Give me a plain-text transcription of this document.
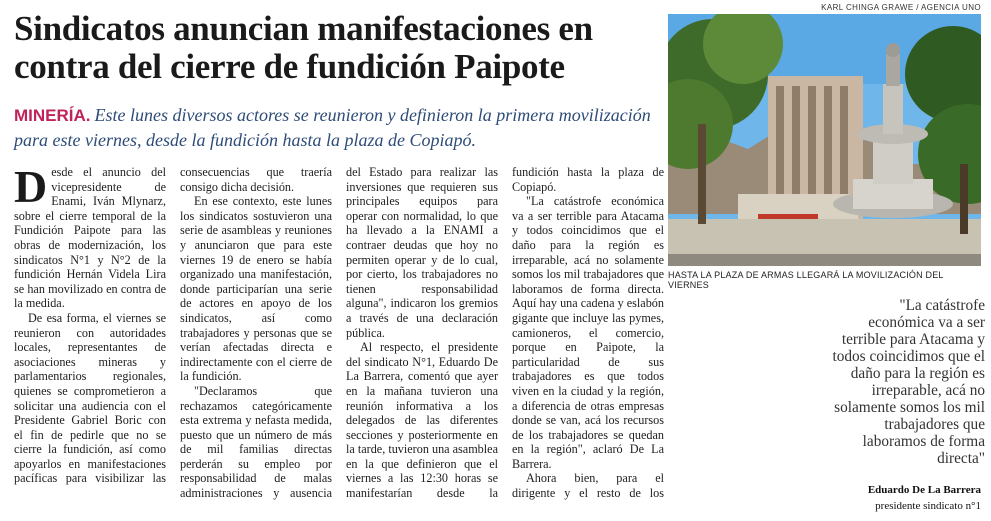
Sindicatos anuncian manifestaciones en contra del cierre de fundición Paipote

MINERÍA. Este lunes diversos actores se reunieron y definieron la primera movilización para este viernes, desde la fundición hasta la plaza de Copiapó.

Desde el anuncio del vicepresidente de Enami, Iván Mlynarz, sobre el cierre temporal de la Fundición Paipote para las obras de modernización, los sindicatos N°1 y N°2 de la fundición Hernán Videla Lira se han movilizado en contra de la medida.

De esa forma, el viernes se reunieron con autoridades locales, representantes de asociaciones mineras y parlamentarios regionales, quienes se comprometieron a solicitar una audiencia con el Presidente Gabriel Boric con el fin de pedirle que no se cierre la fundición, así como apoyarlos en manifestaciones pacíficas para visibilizar las consecuencias que traería consigo dicha decisión.

En ese contexto, este lunes los sindicatos sostuvieron una serie de asambleas y reuniones y anunciaron que para este viernes 19 de enero se había organizado una manifestación, donde participarían una serie de actores en apoyo de los sindicatos, así como trabajadores y personas que se verían afectadas directa e indirectamente con el cierre de la fundición.

"Declaramos que rechazamos categóricamente esta extrema y nefasta medida, puesto que un número de más de mil familias directas perderán su empleo por responsabilidad de malas administraciones y ausencia del Estado para realizar las inversiones que requieren sus principales equipos para operar con normalidad, lo que ha llevado a la ENAMI a contraer deudas que hoy no permiten operar y de lo cual, por cierto, los trabajadores no tienen responsabilidad alguna", indicaron los gremios a través de una declaración pública.

Al respecto, el presidente del sindicato N°1, Eduardo De La Barrera, comentó que ayer en la mañana tuvieron una reunión informativa a los delegados de las diferentes secciones y posteriormente en la tarde, tuvieron una asamblea en la que definieron que el viernes a las 12:30 horas se manifestarían desde la fundición hasta la plaza de Copiapó.

"La catástrofe económica va a ser terrible para Atacama y todos coincidimos que el daño para la región es irreparable, acá no solamente somos los mil trabajadores que laboramos de forma directa. Aquí hay una cadena y eslabón gigante que incluye las pymes, camioneros, el comercio, porque en Paipote, la particularidad de sus trabajadores es que todos viven en la ciudad y la región, a diferencia de otras empresas donde se van, acá los recursos de los trabajadores se quedan en la región", aclaró De La Barrera.

Ahora bien, para el dirigente y el resto de los

KARL CHINGA GRAWE / AGENCIA UNO
HASTA LA PLAZA DE ARMAS LLEGARÁ LA MOVILIZACIÓN DEL VIERNES

"La catástrofe económica va a ser terrible para Atacama y todos coincidimos que el daño para la región es irreparable, acá no solamente somos los mil trabajadores que laboramos de forma directa"

Eduardo De La Barrera
presidente sindicato n°1
